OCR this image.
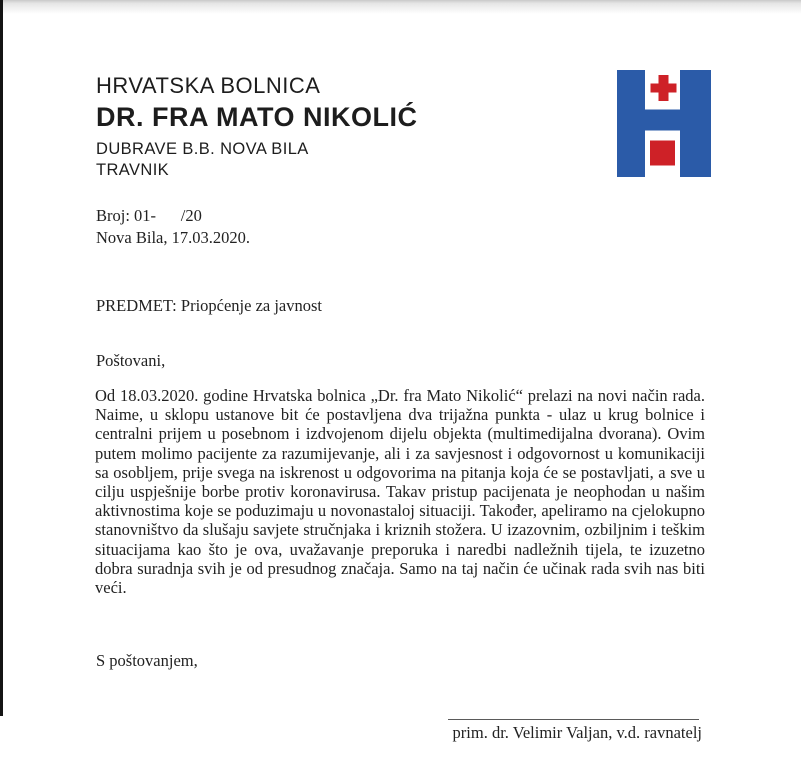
HRVATSKA BOLNICA
DR. FRA MATO NIKOLIĆ
DUBRAVE B.B. NOVA BILA
TRAVNIK
Broj: 01-      /20
Nova Bila, 17.03.2020.
PREDMET: Priopćenje za javnost
Poštovani,

Od 18.03.2020. godine Hrvatska bolnica „Dr. fra Mato Nikolić“ prelazi na novi način rada. Naime, u sklopu ustanove bit će postavljena dva trijažna punkta - ulaz u krug bolnice i centralni prijem u posebnom i izdvojenom dijelu objekta (multimedijalna dvorana). Ovim putem molimo pacijente za razumijevanje, ali i za savjesnost i odgovornost u komunikaciji sa osobljem, prije svega na iskrenost u odgovorima na pitanja koja će se postavljati, a sve u cilju uspješnije borbe protiv koronavirusa. Takav pristup pacijenata je neophodan u našim aktivnostima koje se poduzimaju u novonastaloj situaciji. Također, apeliramo na cjelokupno stanovništvo da slušaju savjete stručnjaka i kriznih stožera. U izazovnim, ozbiljnim i teškim situacijama kao što je ova, uvažavanje preporuka i naredbi nadležnih tijela, te izuzetno dobra suradnja svih je od presudnog značaja. Samo na taj način će učinak rada svih nas biti veći.

S poštovanjem,
prim. dr. Velimir Valjan, v.d. ravnatelj
